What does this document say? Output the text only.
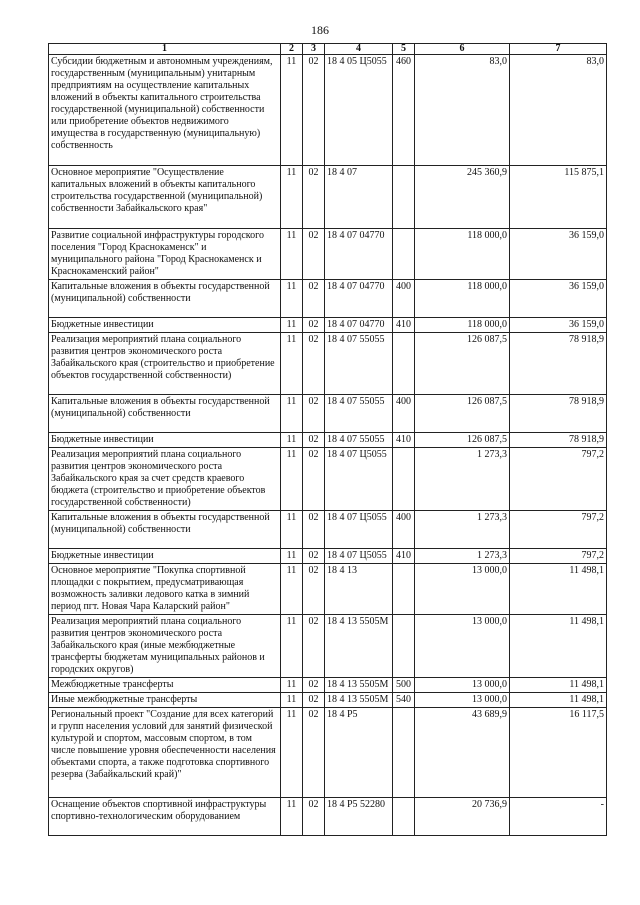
186
1	2	3	4	5	6	7
Субсидии бюджетным и автономным учреждениям, государственным (муниципальным) унитарным предприятиям на осуществление капитальных вложений в объекты капитального строительства государственной (муниципальной) собственности или приобретение объектов недвижимого имущества в государственную (муниципальную) собственность	11	02	18 4 05 Ц5055	460	83,0	83,0
Основное мероприятие "Осуществление капитальных вложений в объекты капитального строительства государственной (муниципальной) собственности Забайкальского края"	11	02	18 4 07		245 360,9	115 875,1
Развитие социальной инфраструктуры городского поселения "Город Краснокаменск" и муниципального района "Город Краснокаменск и Краснокаменский район"	11	02	18 4 07 04770		118 000,0	36 159,0
Капитальные вложения в объекты государственной (муниципальной) собственности	11	02	18 4 07 04770	400	118 000,0	36 159,0
Бюджетные инвестиции	11	02	18 4 07 04770	410	118 000,0	36 159,0
Реализация мероприятий плана социального развития центров экономического роста Забайкальского края (строительство и приобретение объектов государственной собственности)	11	02	18 4 07 55055		126 087,5	78 918,9
Капитальные вложения в объекты государственной (муниципальной) собственности	11	02	18 4 07 55055	400	126 087,5	78 918,9
Бюджетные инвестиции	11	02	18 4 07 55055	410	126 087,5	78 918,9
Реализация мероприятий плана социального развития центров экономического роста Забайкальского края за счет средств краевого бюджета (строительство и приобретение объектов государственной собственности)	11	02	18 4 07 Ц5055		1 273,3	797,2
Капитальные вложения в объекты государственной (муниципальной) собственности	11	02	18 4 07 Ц5055	400	1 273,3	797,2
Бюджетные инвестиции	11	02	18 4 07 Ц5055	410	1 273,3	797,2
Основное мероприятие "Покупка спортивной площадки с покрытием, предусматривающая возможность заливки ледового катка в зимний период пгт. Новая Чара Каларский район"	11	02	18 4 13		13 000,0	11 498,1
Реализация мероприятий плана социального развития центров экономического роста Забайкальского края (иные межбюджетные трансферты бюджетам муниципальных районов и городских округов)	11	02	18 4 13 5505М		13 000,0	11 498,1
Межбюджетные трансферты	11	02	18 4 13 5505М	500	13 000,0	11 498,1
Иные межбюджетные трансферты	11	02	18 4 13 5505М	540	13 000,0	11 498,1
Региональный проект "Создание для всех категорий и групп населения условий для занятий физической культурой и спортом, массовым спортом, в том числе повышение уровня обеспеченности населения объектами спорта, а также подготовка спортивного резерва (Забайкальский край)"	11	02	18 4 P5		43 689,9	16 117,5
Оснащение объектов спортивной инфраструктуры спортивно-технологическим оборудованием	11	02	18 4 P5 52280		20 736,9	-
